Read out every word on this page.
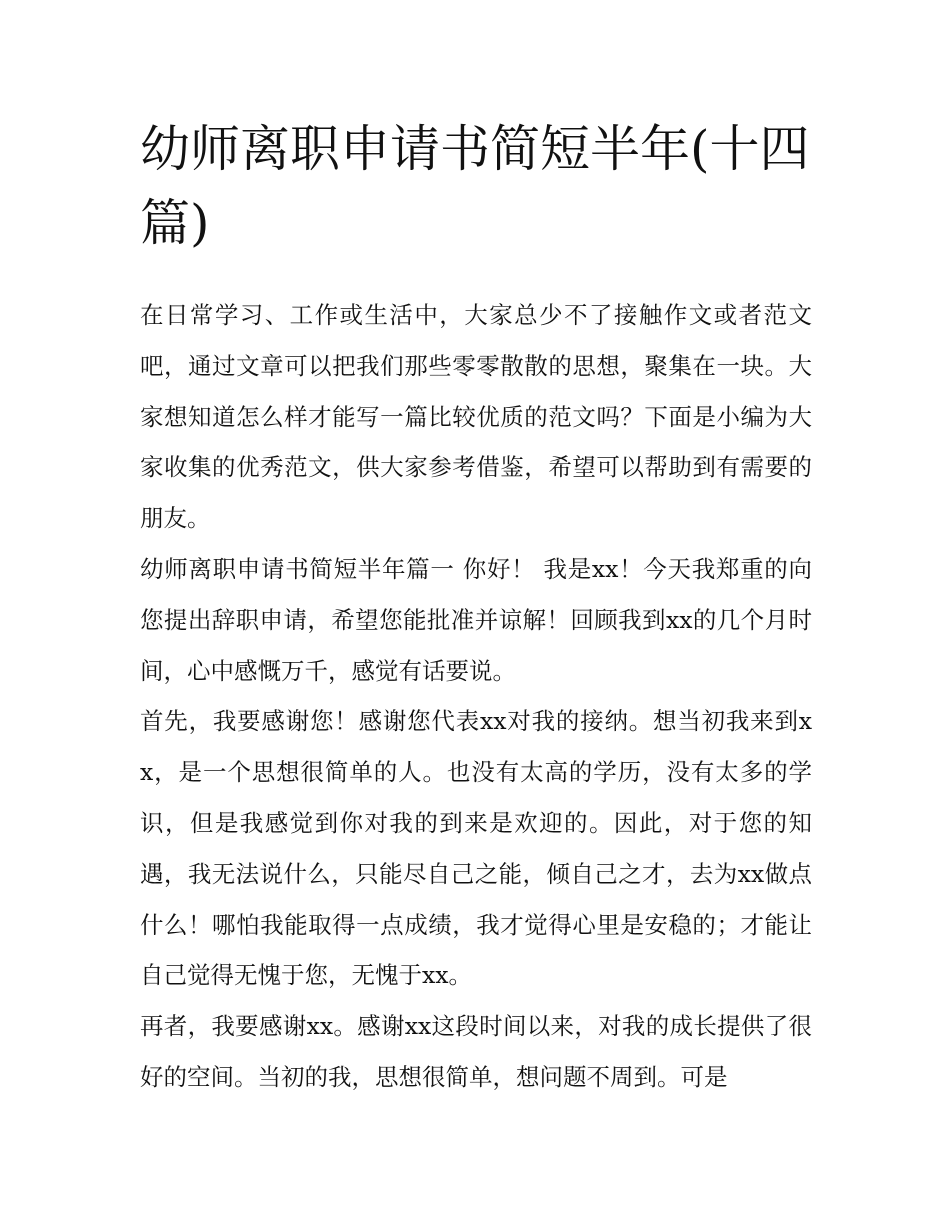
幼师离职申请书简短半年(十四篇)

在日常学习、工作或生活中，大家总少不了接触作文或者范文吧，通过文章可以把我们那些零零散散的思想，聚集在一块。大家想知道怎么样才能写一篇比较优质的范文吗？下面是小编为大家收集的优秀范文，供大家参考借鉴，希望可以帮助到有需要的朋友。

幼师离职申请书简短半年篇一 你好！ 我是xx！今天我郑重的向您提出辞职申请，希望您能批准并谅解！回顾我到xx的几个月时间，心中感慨万千，感觉有话要说。

首先，我要感谢您！感谢您代表xx对我的接纳。想当初我来到xx，是一个思想很简单的人。也没有太高的学历，没有太多的学识，但是我感觉到你对我的到来是欢迎的。因此，对于您的知遇，我无法说什么，只能尽自己之能，倾自己之才，去为xx做点什么！哪怕我能取得一点成绩，我才觉得心里是安稳的；才能让自己觉得无愧于您，无愧于xx。

再者，我要感谢xx。感谢xx这段时间以来，对我的成长提供了很好的空间。当初的我，思想很简单，想问题不周到。可是
